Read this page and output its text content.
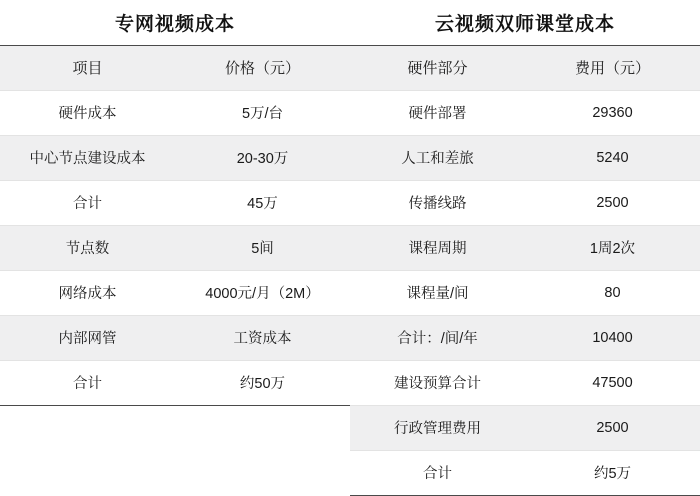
专网视频成本	
项目	价格（元）
硬件成本	5万/台
中心节点建设成本	20-30万
合计	45万
节点数	5间
网络成本	4000元/月（2M）
内部网管	工资成本
合计	约50万

云视频双师课堂成本	
硬件部分	费用（元）
硬件部署	29360
人工和差旅	5240
传播线路	2500
课程周期	1周2次
课程量/间	80
合计：/间/年	10400
建设预算合计	47500
行政管理费用	2500
合计	约5万
